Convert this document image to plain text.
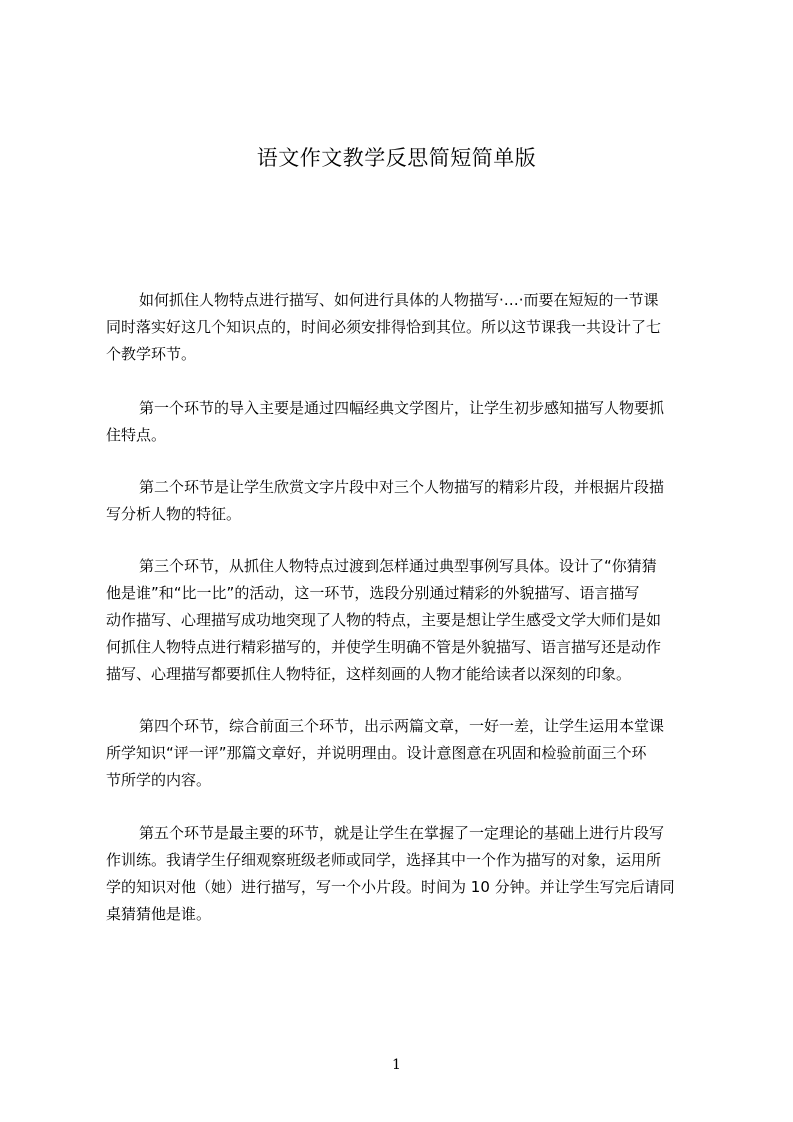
语文作文教学反思简短简单版
如何抓住人物特点进行描写、如何进行具体的人物描写·…·而要在短短的一节课
同时落实好这几个知识点的，时间必须安排得恰到其位。所以这节课我一共设计了七
个教学环节。
第一个环节的导入主要是通过四幅经典文学图片，让学生初步感知描写人物要抓
住特点。
第二个环节是让学生欣赏文字片段中对三个人物描写的精彩片段，并根据片段描
写分析人物的特征。
第三个环节，从抓住人物特点过渡到怎样通过典型事例写具体。设计了“你猜猜
他是谁”和“比一比”的活动，这一环节，选段分别通过精彩的外貌描写、语言描写
动作描写、心理描写成功地突现了人物的特点，主要是想让学生感受文学大师们是如
何抓住人物特点进行精彩描写的，并使学生明确不管是外貌描写、语言描写还是动作
描写、心理描写都要抓住人物特征，这样刻画的人物才能给读者以深刻的印象。
第四个环节，综合前面三个环节，出示两篇文章，一好一差，让学生运用本堂课
所学知识“评一评”那篇文章好，并说明理由。设计意图意在巩固和检验前面三个环
节所学的内容。
第五个环节是最主要的环节，就是让学生在掌握了一定理论的基础上进行片段写
作训练。我请学生仔细观察班级老师或同学，选择其中一个作为描写的对象，运用所
学的知识对他（她）进行描写，写一个小片段。时间为 10 分钟。并让学生写完后请同
桌猜猜他是谁。
1
